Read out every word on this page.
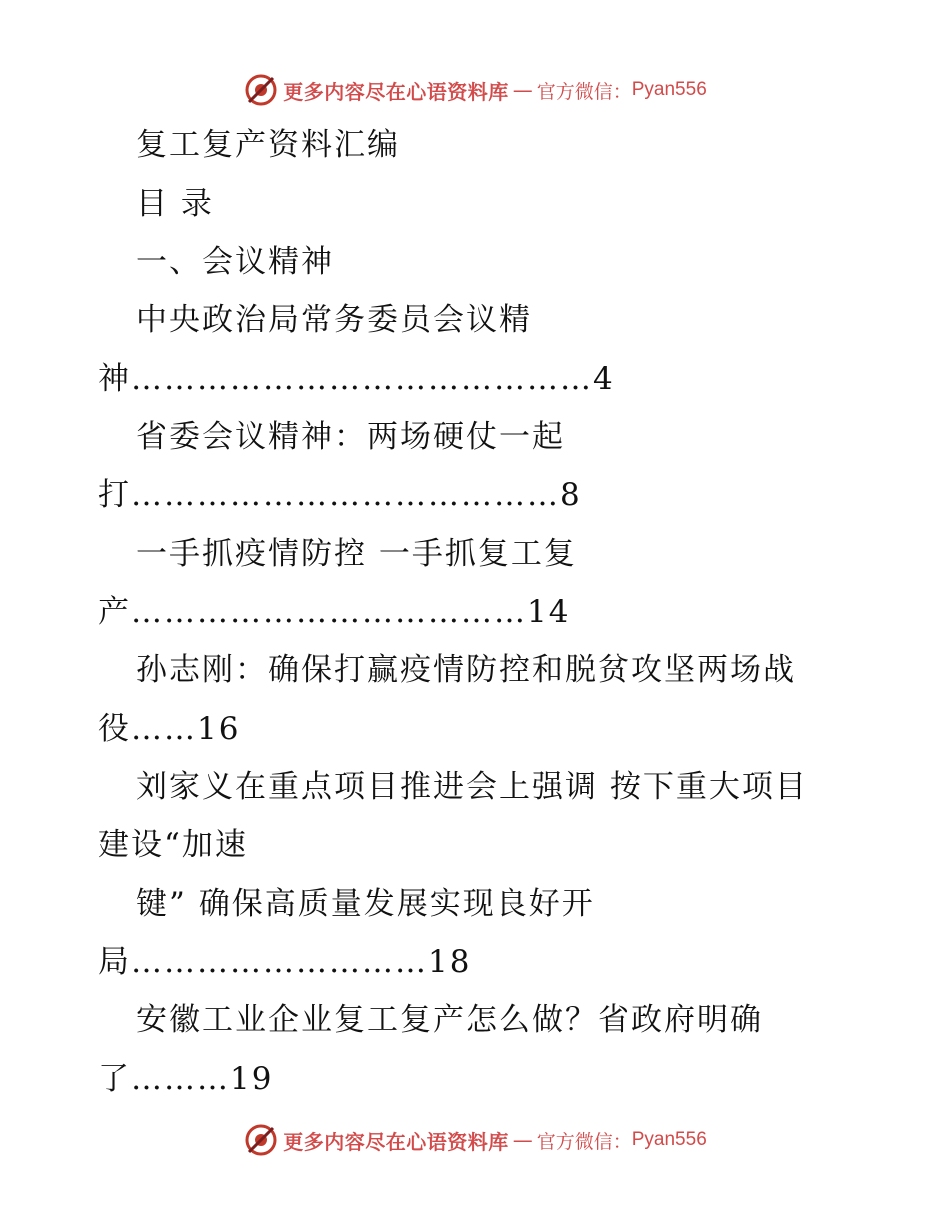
更多内容尽在心语资料库 — 官方微信： Pyan556
复工复产资料汇编
目 录
一、会议精神
中央政治局常务委员会议精
神……………………………………4
省委会议精神：两场硬仗一起
打…………………………………8
一手抓疫情防控 一手抓复工复
产………………………………14
孙志刚：确保打赢疫情防控和脱贫攻坚两场战
役……16
刘家义在重点项目推进会上强调 按下重大项目
建设“加速
键” 确保高质量发展实现良好开
局………………………18
安徽工业企业复工复产怎么做？省政府明确
了………19
更多内容尽在心语资料库 — 官方微信： Pyan556
